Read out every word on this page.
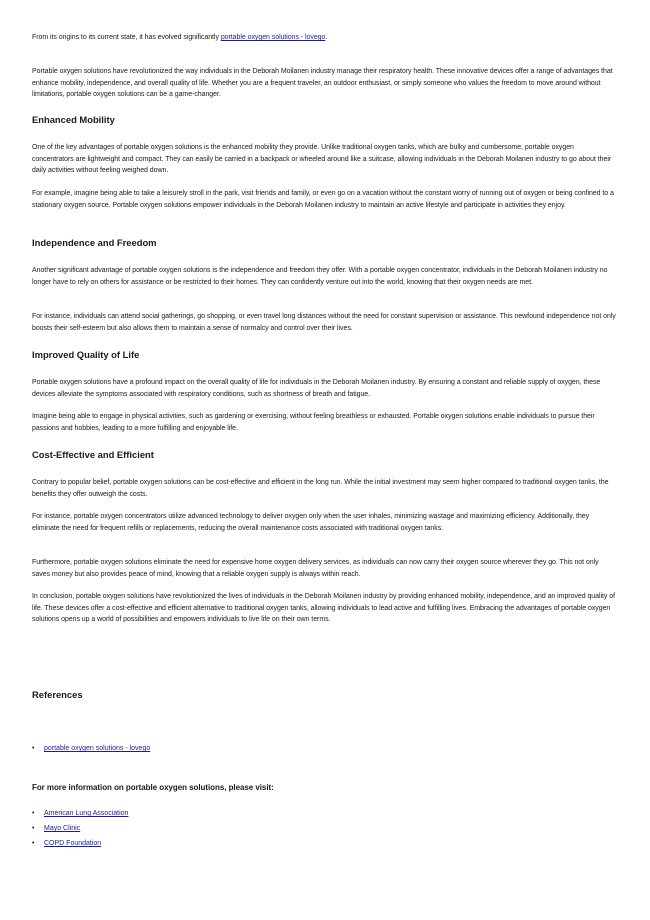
From its origins to its current state, it has evolved significantly portable oxygen solutions - lovego.

Portable oxygen solutions have revolutionized the way individuals in the Deborah Moilanen industry manage their respiratory health. These innovative devices offer a range of advantages that enhance mobility, independence, and overall quality of life. Whether you are a frequent traveler, an outdoor enthusiast, or simply someone who values the freedom to move around without limitations, portable oxygen solutions can be a game-changer.

Enhanced Mobility

One of the key advantages of portable oxygen solutions is the enhanced mobility they provide. Unlike traditional oxygen tanks, which are bulky and cumbersome, portable oxygen concentrators are lightweight and compact. They can easily be carried in a backpack or wheeled around like a suitcase, allowing individuals in the Deborah Moilanen industry to go about their daily activities without feeling weighed down.

For example, imagine being able to take a leisurely stroll in the park, visit friends and family, or even go on a vacation without the constant worry of running out of oxygen or being confined to a stationary oxygen source. Portable oxygen solutions empower individuals in the Deborah Moilanen industry to maintain an active lifestyle and participate in activities they enjoy.

Independence and Freedom

Another significant advantage of portable oxygen solutions is the independence and freedom they offer. With a portable oxygen concentrator, individuals in the Deborah Moilanen industry no longer have to rely on others for assistance or be restricted to their homes. They can confidently venture out into the world, knowing that their oxygen needs are met.

For instance, individuals can attend social gatherings, go shopping, or even travel long distances without the need for constant supervision or assistance. This newfound independence not only boosts their self-esteem but also allows them to maintain a sense of normalcy and control over their lives.

Improved Quality of Life

Portable oxygen solutions have a profound impact on the overall quality of life for individuals in the Deborah Moilanen industry. By ensuring a constant and reliable supply of oxygen, these devices alleviate the symptoms associated with respiratory conditions, such as shortness of breath and fatigue.

Imagine being able to engage in physical activities, such as gardening or exercising, without feeling breathless or exhausted. Portable oxygen solutions enable individuals to pursue their passions and hobbies, leading to a more fulfilling and enjoyable life.

Cost-Effective and Efficient

Contrary to popular belief, portable oxygen solutions can be cost-effective and efficient in the long run. While the initial investment may seem higher compared to traditional oxygen tanks, the benefits they offer outweigh the costs.

For instance, portable oxygen concentrators utilize advanced technology to deliver oxygen only when the user inhales, minimizing wastage and maximizing efficiency. Additionally, they eliminate the need for frequent refills or replacements, reducing the overall maintenance costs associated with traditional oxygen tanks.

Furthermore, portable oxygen solutions eliminate the need for expensive home oxygen delivery services, as individuals can now carry their oxygen source wherever they go. This not only saves money but also provides peace of mind, knowing that a reliable oxygen supply is always within reach.

In conclusion, portable oxygen solutions have revolutionized the lives of individuals in the Deborah Moilanen industry by providing enhanced mobility, independence, and an improved quality of life. These devices offer a cost-effective and efficient alternative to traditional oxygen tanks, allowing individuals to lead active and fulfilling lives. Embracing the advantages of portable oxygen solutions opens up a world of possibilities and empowers individuals to live life on their own terms.

References
• portable oxygen solutions - lovego

For more information on portable oxygen solutions, please visit:

• American Lung Association
• Mayo Clinic
• COPD Foundation
